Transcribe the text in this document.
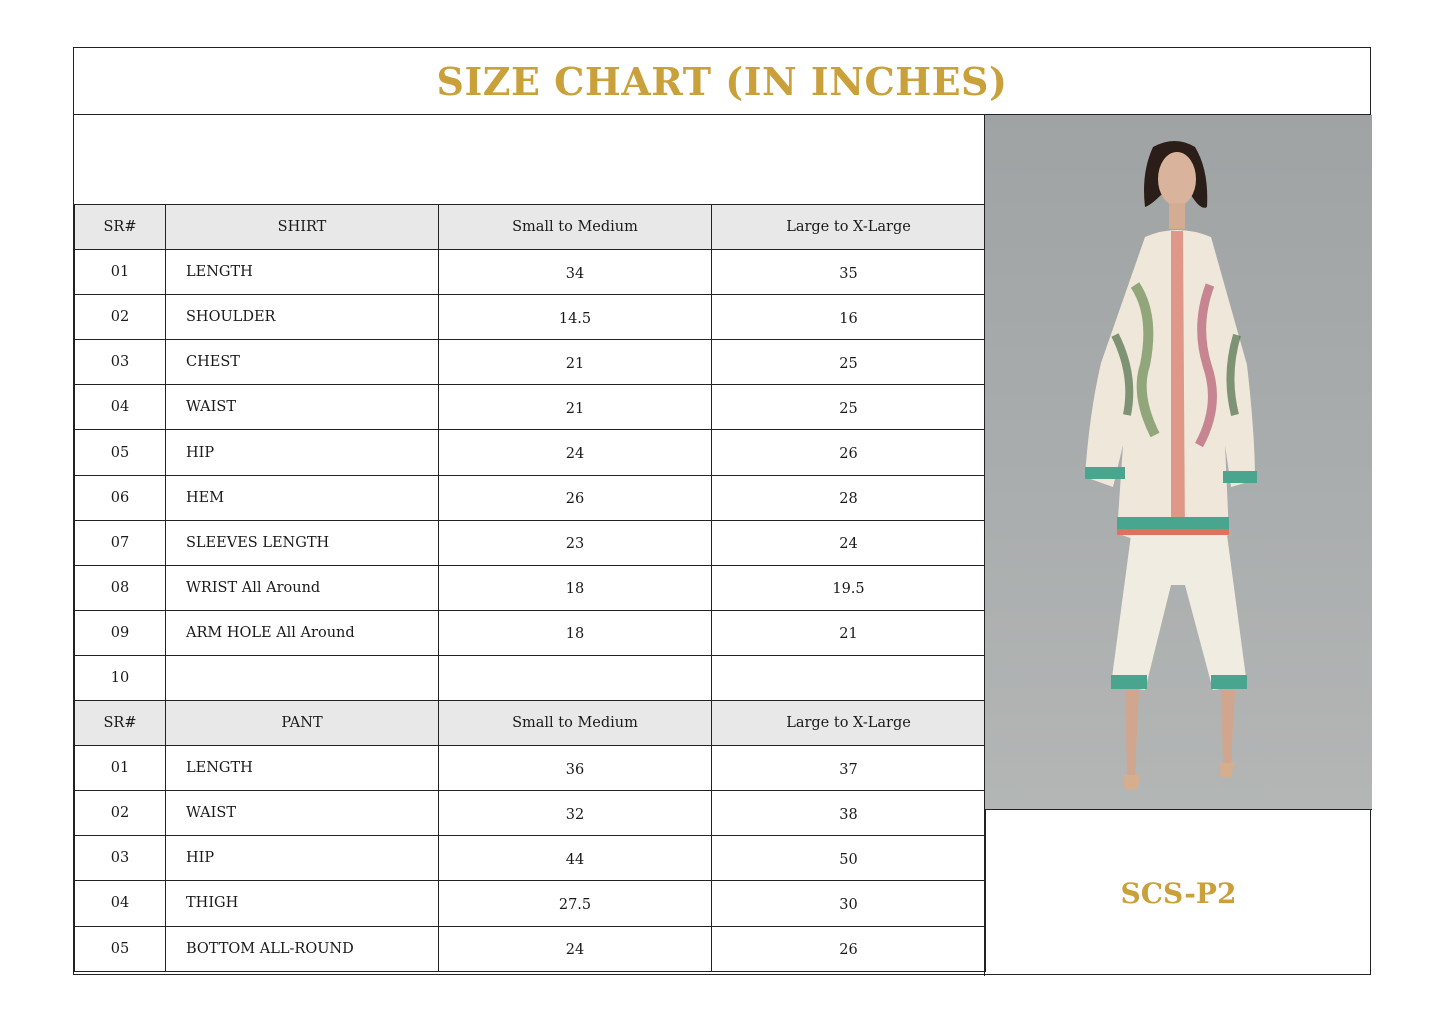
SIZE CHART (IN INCHES)
SR#	SHIRT	Small to Medium	Large to X-Large
01	LENGTH	34	35
02	SHOULDER	14.5	16
03	CHEST	21	25
04	WAIST	21	25
05	HIP	24	26
06	HEM	26	28
07	SLEEVES LENGTH	23	24
08	WRIST All Around	18	19.5
09	ARM HOLE All Around	18	21
10			
SR#	PANT	Small to Medium	Large to X-Large
01	LENGTH	36	37
02	WAIST	32	38
03	HIP	44	50
04	THIGH	27.5	30
05	BOTTOM ALL-ROUND	24	26
SCS-P2
